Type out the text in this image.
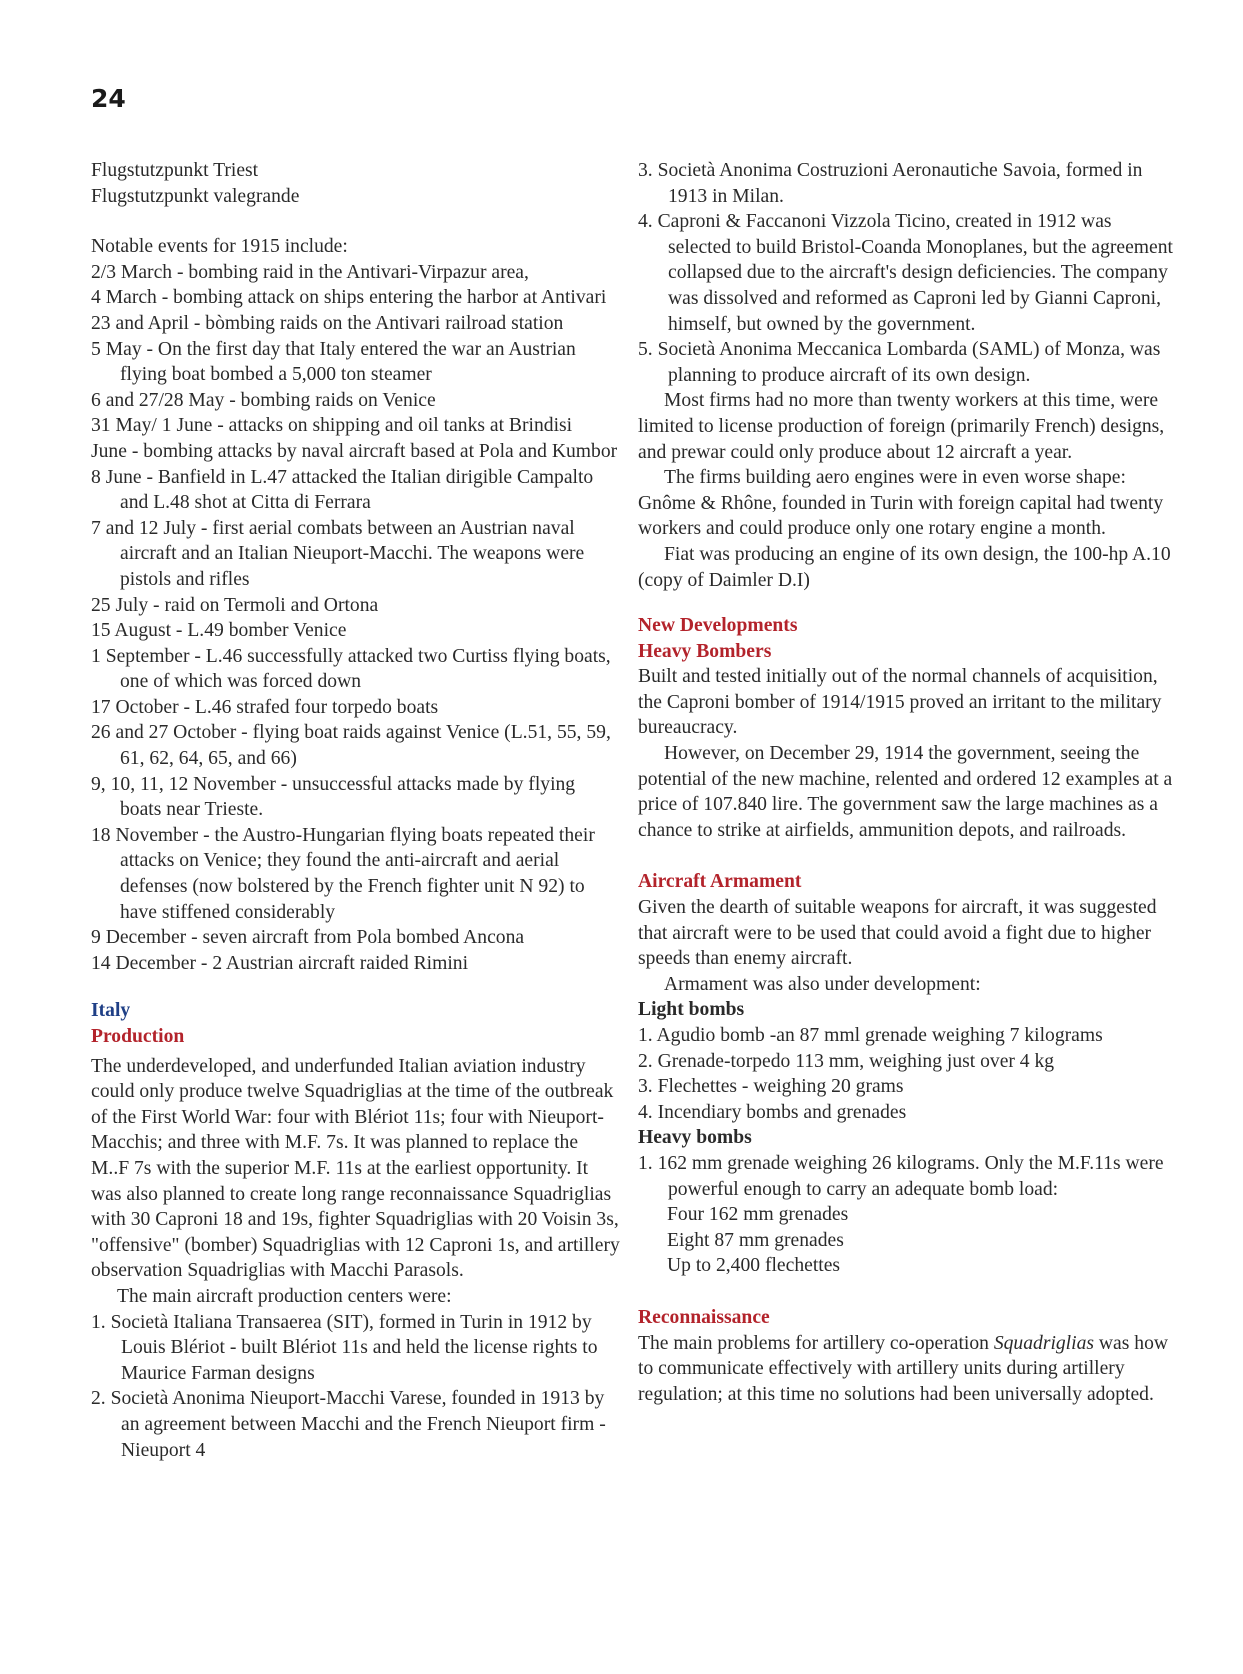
24

Flugstutzpunkt Triest

Flugstutzpunkt valegrande

Notable events for 1915 include:

2/3 March - bombing raid in the Antivari-Virpazur area,

4 March - bombing attack on ships entering the harbor at Antivari

23 and April - bòmbing raids on the Antivari railroad station

5 May - On the first day that Italy entered the war an Austrian flying boat bombed a 5,000 ton steamer

6 and 27/28 May - bombing raids on Venice

31 May/ 1 June - attacks on shipping and oil tanks at Brindisi

June - bombing attacks by naval aircraft based at Pola and Kumbor

8 June - Banfield in L.47 attacked the Italian dirigible Campalto and L.48 shot at Citta di Ferrara

7 and 12 July - first aerial combats between an Austrian naval aircraft and an Italian Nieuport-Macchi. The weapons were pistols and rifles

25 July - raid on Termoli and Ortona

15 August - L.49 bomber Venice

1 September - L.46 successfully attacked two Curtiss flying boats, one of which was forced down

17 October - L.46 strafed four torpedo boats

26 and 27 October - flying boat raids against Venice (L.51, 55, 59, 61, 62, 64, 65, and 66)

9, 10, 11, 12 November - unsuccessful attacks made by flying boats near Trieste.

18 November - the Austro-Hungarian flying boats repeated their attacks on Venice; they found the anti-aircraft and aerial defenses (now bolstered by the French fighter unit N 92) to have stiffened considerably

9 December - seven aircraft from Pola bombed Ancona

14 December - 2 Austrian aircraft raided Rimini

Italy
Production

The underdeveloped, and underfunded Italian aviation industry could only produce twelve Squadriglias at the time of the outbreak of the First World War: four with Blériot 11s; four with Nieuport-Macchis; and three with M.F. 7s. It was planned to replace the M..F 7s with the superior M.F. 11s at the earliest opportunity. It was also planned to create long range reconnaissance Squadriglias with 30 Caproni 18 and 19s, fighter Squadriglias with 20 Voisin 3s, "offensive" (bomber) Squadriglias with 12 Caproni 1s, and artillery observation Squadriglias with Macchi Parasols.

The main aircraft production centers were:

1. Società Italiana Transaerea (SIT), formed in Turin in 1912 by Louis Blériot - built Blériot 11s and held the license rights to Maurice Farman designs

2. Società Anonima Nieuport-Macchi Varese, founded in 1913 by an agreement between Macchi and the French Nieuport firm - Nieuport 4

3. Società Anonima Costruzioni Aeronautiche Savoia, formed in 1913 in Milan.

4. Caproni & Faccanoni Vizzola Ticino, created in 1912 was selected to build Bristol-Coanda Monoplanes, but the agreement collapsed due to the aircraft's design deficiencies. The company was dissolved and reformed as Caproni led by Gianni Caproni, himself, but owned by the government.

5. Società Anonima Meccanica Lombarda (SAML) of Monza, was planning to produce aircraft of its own design.

Most firms had no more than twenty workers at this time, were limited to license production of foreign (primarily French) designs, and prewar could only produce about 12 aircraft a year.

The firms building aero engines were in even worse shape: Gnôme & Rhône, founded in Turin with foreign capital had twenty workers and could produce only one rotary engine a month.

Fiat was producing an engine of its own design, the 100-hp A.10 (copy of Daimler D.I)

New Developments
Heavy Bombers

Built and tested initially out of the normal channels of acquisition, the Caproni bomber of 1914/1915 proved an irritant to the military bureaucracy.

However, on December 29, 1914 the government, seeing the potential of the new machine, relented and ordered 12 examples at a price of 107.840 lire. The government saw the large machines as a chance to strike at airfields, ammunition depots, and railroads.

Aircraft Armament

Given the dearth of suitable weapons for aircraft, it was suggested that aircraft were to be used that could avoid a fight due to higher speeds than enemy aircraft.

Armament was also under development:

Light bombs

1. Agudio bomb -an 87 mml grenade weighing 7 kilograms

2. Grenade-torpedo 113 mm, weighing just over 4 kg

3. Flechettes - weighing 20 grams

4. Incendiary bombs and grenades

Heavy bombs

1. 162 mm grenade weighing 26 kilograms. Only the M.F.11s were powerful enough to carry an adequate bomb load:

Four 162 mm grenades

Eight 87 mm grenades

Up to 2,400 flechettes

Reconnaissance

The main problems for artillery co-operation Squadriglias was how to communicate effectively with artillery units during artillery regulation; at this time no solutions had been universally adopted.
